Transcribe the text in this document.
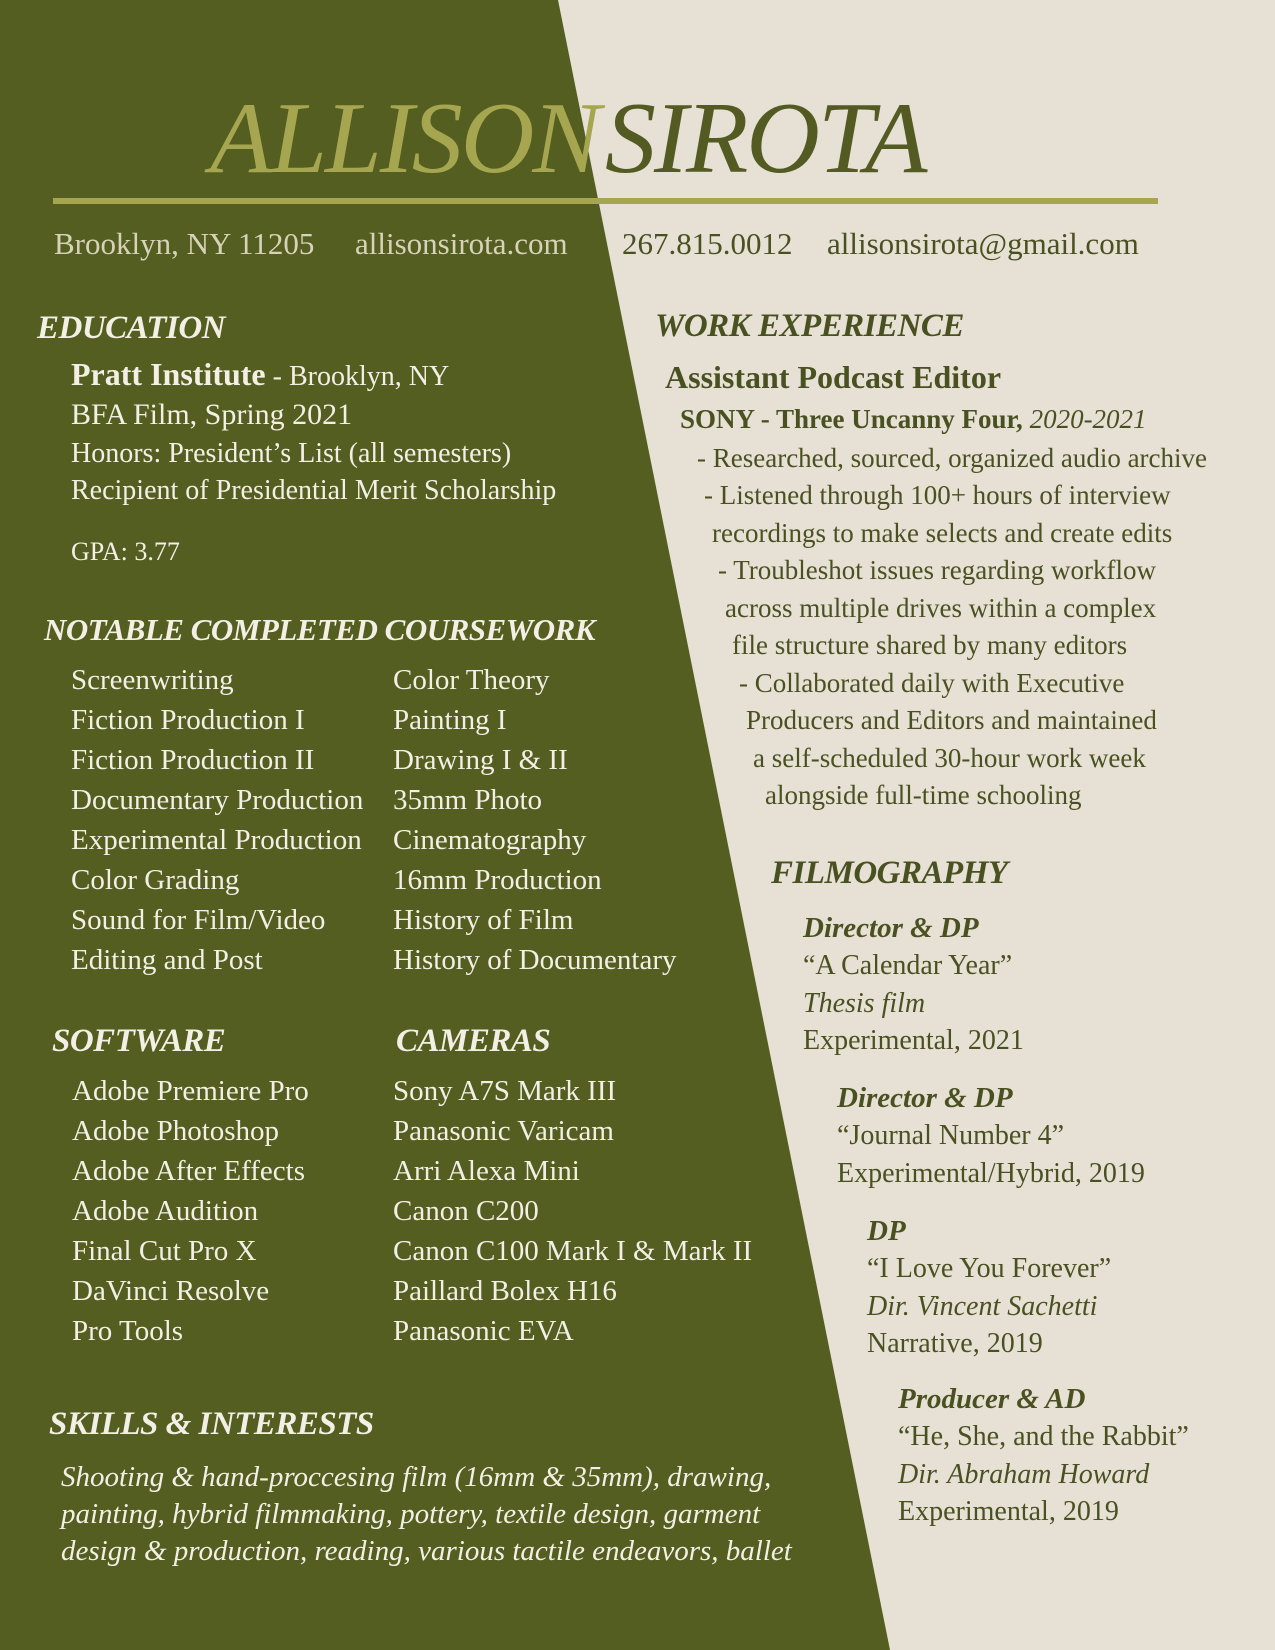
ALLISON SIROTA
Brooklyn, NY 11205 allisonsirota.com 267.815.0012 allisonsirota@gmail.com
EDUCATION
Pratt Institute - Brooklyn, NY
BFA Film, Spring 2021
Honors: President’s List (all semesters)
Recipient of Presidential Merit Scholarship
GPA: 3.77
NOTABLE COMPLETED COURSEWORK
Screenwriting
Fiction Production I
Fiction Production II
Documentary Production
Experimental Production
Color Grading
Sound for Film/Video
Editing and Post
Color Theory
Painting I
Drawing I & II
35mm Photo
Cinematography
16mm Production
History of Film
History of Documentary
SOFTWARE
Adobe Premiere Pro
Adobe Photoshop
Adobe After Effects
Adobe Audition
Final Cut Pro X
DaVinci Resolve
Pro Tools
CAMERAS
Sony A7S Mark III
Panasonic Varicam
Arri Alexa Mini
Canon C200
Canon C100 Mark I & Mark II
Paillard Bolex H16
Panasonic EVA
SKILLS & INTERESTS

Shooting & hand-proccesing film (16mm & 35mm), drawing,

painting, hybrid filmmaking, pottery, textile design, garment

design & production, reading, various tactile endeavors, ballet

WORK EXPERIENCE
Assistant Podcast Editor
SONY - Three Uncanny Four, 2020-2021
- Researched, sourced, organized audio archive
- Listened through 100+ hours of interview
recordings to make selects and create edits
- Troubleshot issues regarding workflow
across multiple drives within a complex
file structure shared by many editors
- Collaborated daily with Executive
Producers and Editors and maintained
a self-scheduled 30-hour work week
alongside full-time schooling
FILMOGRAPHY
Director & DP
“A Calendar Year”
Thesis film
Experimental, 2021
Director & DP
“Journal Number 4”
Experimental/Hybrid, 2019
DP
“I Love You Forever”
Dir. Vincent Sachetti
Narrative, 2019
Producer & AD
“He, She, and the Rabbit”
Dir. Abraham Howard
Experimental, 2019
